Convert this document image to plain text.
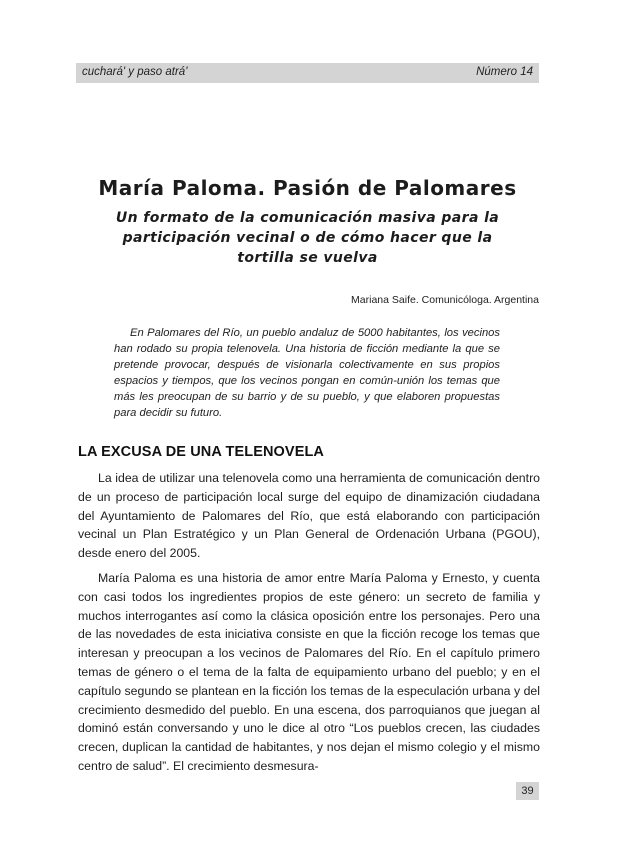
cuchará' y paso atrá'	Número 14
María Paloma. Pasión de Palomares
Un formato de la comunicación masiva para la participación vecinal o de cómo hacer que la tortilla se vuelva
Mariana Saife. Comunicóloga. Argentina

En Palomares del Río, un pueblo andaluz de 5000 habitantes, los vecinos han rodado su propia telenovela. Una historia de ficción mediante la que se pretende provocar, después de visionarla colectivamente en sus propios espacios y tiempos, que los vecinos pongan en común-unión los temas que más les preocupan de su barrio y de su pueblo, y que elaboren propuestas para decidir su futuro.

LA EXCUSA DE UNA TELENOVELA

La idea de utilizar una telenovela como una herramienta de comunicación dentro de un proceso de participación local surge del equipo de dinamización ciudadana del Ayuntamiento de Palomares del Río, que está elaborando con participación vecinal un Plan Estratégico y un Plan General de Ordenación Urbana (PGOU), desde enero del 2005.

María Paloma es una historia de amor entre María Paloma y Ernesto, y cuenta con casi todos los ingredientes propios de este género: un secreto de familia y muchos interrogantes así como la clásica oposición entre los personajes. Pero una de las novedades de esta iniciativa consiste en que la ficción recoge los temas que interesan y preocupan a los vecinos de Palomares del Río. En el capítulo primero temas de género o el tema de la falta de equipamiento urbano del pueblo; y en el capítulo segundo se plantean en la ficción los temas de la especulación urbana y del crecimiento desmedido del pueblo. En una escena, dos parroquianos que juegan al dominó están conversando y uno le dice al otro “Los pueblos crecen, las ciudades crecen, duplican la cantidad de habitantes, y nos dejan el mismo colegio y el mismo centro de salud”. El crecimiento desmesura-

39
